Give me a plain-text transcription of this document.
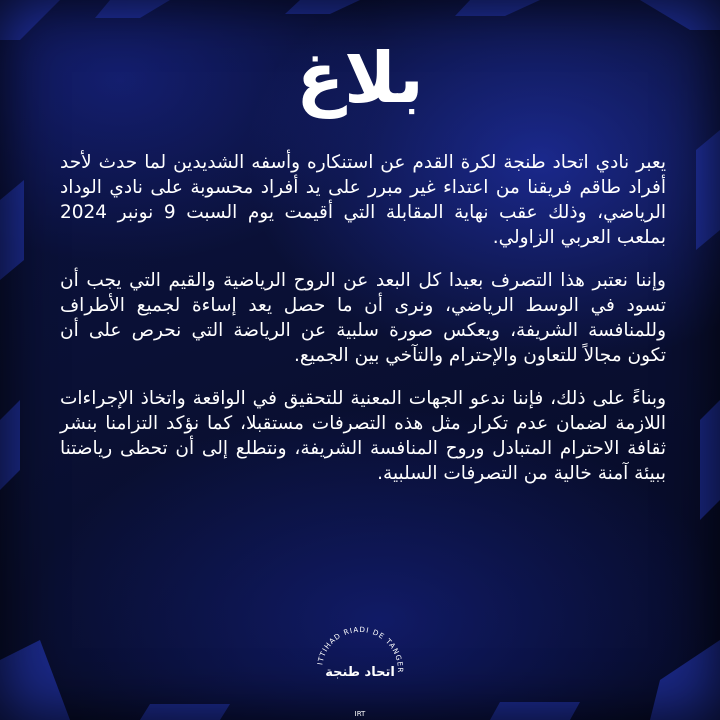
بلاغ

يعبر نادي اتحاد طنجة لكرة القدم عن استنكاره وأسفه الشديدين لما حدث لأحد أفراد طاقم فريقنا من اعتداء غير مبرر على يد أفراد محسوبة على نادي الوداد الرياضي، وذلك عقب نهاية المقابلة التي أقيمت يوم السبت 9 نونبر 2024 بملعب العربي الزاولي.

وإننا نعتبر هذا التصرف بعيدا كل البعد عن الروح الرياضية والقيم التي يجب أن تسود في الوسط الرياضي، ونرى أن ما حصل يعد إساءة لجميع الأطراف وللمنافسة الشريفة، ويعكس صورة سلبية عن الرياضة التي نحرص على أن تكون مجالاً للتعاون والإحترام والتآخي بين الجميع.

وبناءً على ذلك، فإننا ندعو الجهات المعنية للتحقيق في الواقعة واتخاذ الإجراءات اللازمة لضمان عدم تكرار مثل هذه التصرفات مستقبلا، كما نؤكد التزامنا بنشر ثقافة الاحترام المتبادل وروح المنافسة الشريفة، ونتطلع إلى أن تحظى رياضتنا ببيئة آمنة خالية من التصرفات السلبية.

ITTIHAD RIADI DE TANGER
IRT
اتحاد طنجة
